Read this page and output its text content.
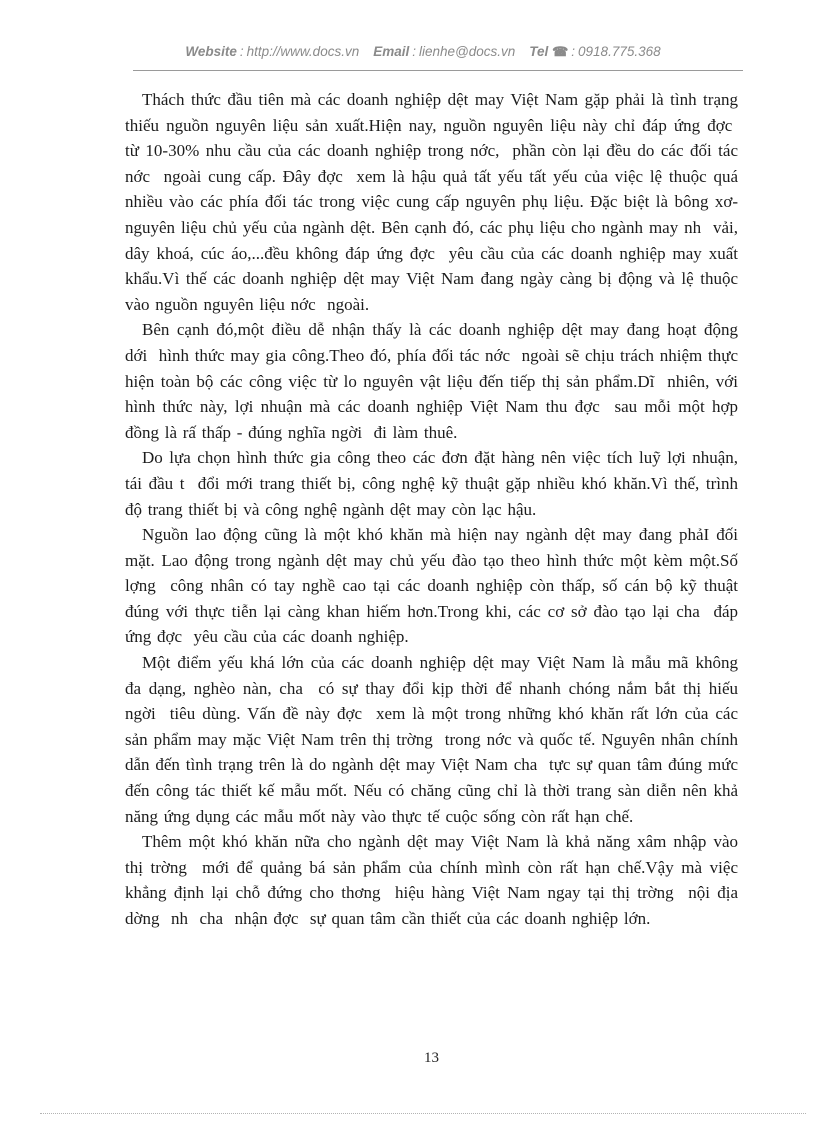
Website : http://www.docs.vn Email : lienhe@docs.vn Tel ☎ : 0918.775.368

Thách thức đầu tiên mà các doanh nghiệp dệt may Việt Nam gặp phải là tình trạng thiếu nguồn nguyên liệu sản xuất.Hiện nay, nguồn nguyên liệu này chỉ đáp ứng đợc  từ 10-30% nhu cầu của các doanh nghiệp trong nớc,  phần còn lại đều do các đối tác nớc  ngoài cung cấp. Đây đợc  xem là hậu quả tất yếu tất yếu của việc lệ thuộc quá nhiều vào các phía đối tác trong việc cung cấp nguyên phụ liệu. Đặc biệt là bông xơ-nguyên liệu chủ yếu của ngành dệt. Bên cạnh đó, các phụ liệu cho ngành may nh  vải, dây khoá, cúc áo,...đều không đáp ứng đợc  yêu cầu của các doanh nghiệp may xuất khẩu.Vì thế các doanh nghiệp dệt may Việt Nam đang ngày càng bị động và lệ thuộc vào nguồn nguyên liệu nớc  ngoài.

Bên cạnh đó,một điều dễ nhận thấy là các doanh nghiệp dệt may đang hoạt động dới  hình thức may gia công.Theo đó, phía đối tác nớc  ngoài sẽ chịu trách nhiệm thực hiện toàn bộ các công việc từ lo nguyên vật liệu đến tiếp thị sản phẩm.Dĩ  nhiên, với hình thức này, lợi nhuận mà các doanh nghiệp Việt Nam thu đợc  sau mỗi một hợp đồng là rấ thấp - đúng nghĩa ngời  đi làm thuê.

Do lựa chọn hình thức gia công theo các đơn đặt hàng nên việc tích luỹ lợi nhuận, tái đầu t  đổi mới trang thiết bị, công nghệ kỹ thuật gặp nhiều khó khăn.Vì thế, trình độ trang thiết bị và công nghệ ngành dệt may còn lạc hậu.

Nguồn lao động cũng là một khó khăn mà hiện nay ngành dệt may đang phảI đối mặt. Lao động trong ngành dệt may chủ yếu đào tạo theo hình thức một kèm một.Số lợng  công nhân có tay nghề cao tại các doanh nghiệp còn thấp, số cán bộ kỹ thuật đúng với thực tiễn lại càng khan hiếm hơn.Trong khi, các cơ sở đào tạo lại cha  đáp ứng đợc  yêu cầu của các doanh nghiệp.

Một điểm yếu khá lớn của các doanh nghiệp dệt may Việt Nam là mẫu mã không đa dạng, nghèo nàn, cha  có sự thay đổi kịp thời để nhanh chóng nắm bắt thị hiếu ngời  tiêu dùng. Vấn đề này đợc  xem là một trong những khó khăn rất lớn của các sản phẩm may mặc Việt Nam trên thị trờng  trong nớc và quốc tế. Nguyên nhân chính dẫn đến tình trạng trên là do ngành dệt may Việt Nam cha  tực sự quan tâm đúng mức đến công tác thiết kế mẫu mốt. Nếu có chăng cũng chỉ là thời trang sàn diễn nên khả năng ứng dụng các mẫu mốt này vào thực tế cuộc sống còn rất hạn chế.

Thêm một khó khăn nữa cho ngành dệt may Việt Nam là khả năng xâm nhập vào thị trờng  mới để quảng bá sản phẩm của chính mình còn rất hạn chế.Vậy mà việc khẳng định lại chỗ đứng cho thơng  hiệu hàng Việt Nam ngay tại thị trờng  nội địa dờng  nh  cha  nhận đợc  sự quan tâm cần thiết của các doanh nghiệp lớn.

13
